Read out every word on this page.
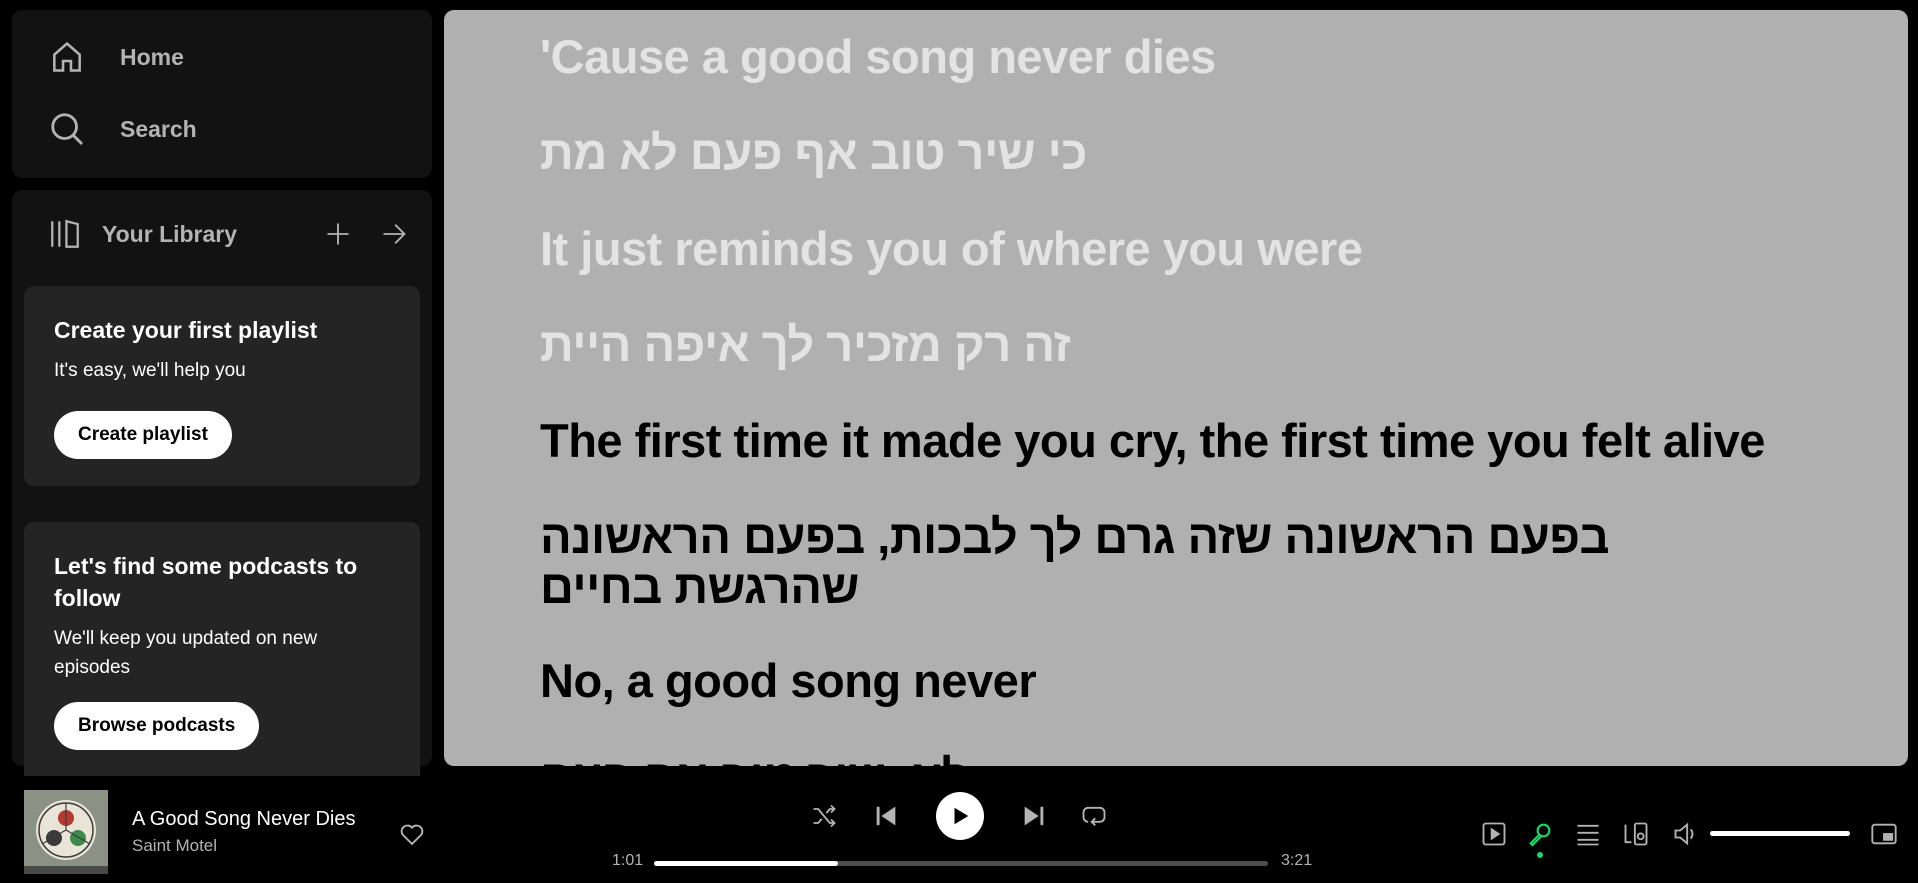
Home
Search
Your Library
Create your first playlist
It's easy, we'll help you
Create playlist
Let's find some podcasts to follow
We'll keep you updated on new episodes
Browse podcasts
'Cause a good song never dies
כי שיר טוב אף פעם לא מת
It just reminds you of where you were
זה רק מזכיר לך איפה היית
The first time it made you cry, the first time you felt alive
בפעם הראשונה שזה גרם לך לבכות, בפעם הראשונה שהרגשת בחיים
No, a good song never
A Good Song Never Dies
Saint Motel
1:01	3:21
